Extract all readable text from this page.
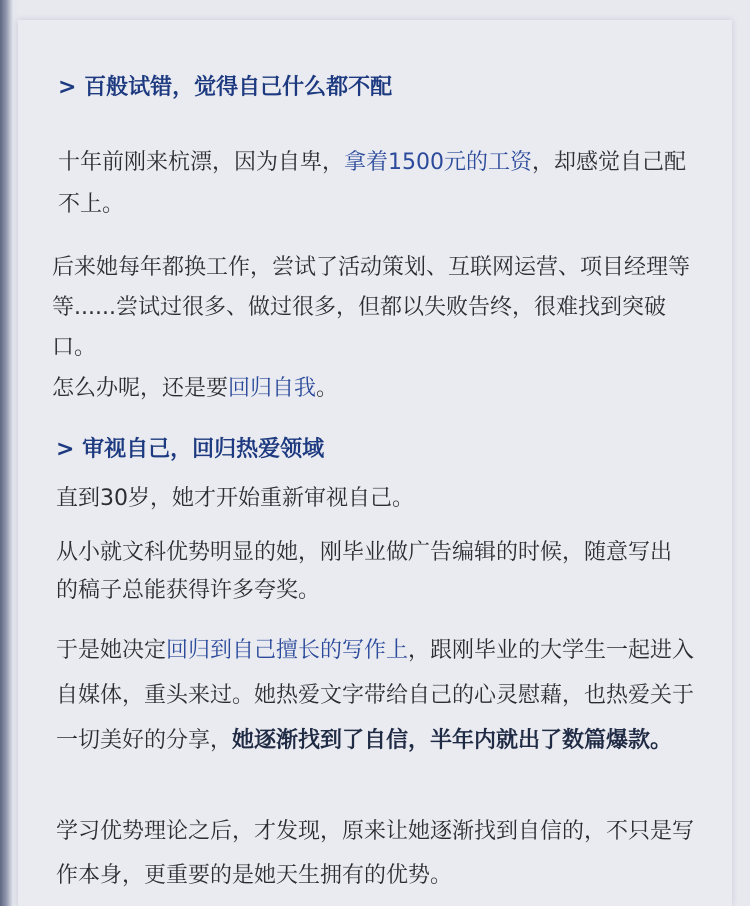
> 百般试错，觉得自己什么都不配
十年前刚来杭漂，因为自卑，拿着1500元的工资，却感觉自己配不上。
后来她每年都换工作，尝试了活动策划、互联网运营、项目经理等等......尝试过很多、做过很多，但都以失败告终，很难找到突破口。
怎么办呢，还是要回归自我。
> 审视自己，回归热爱领域
直到30岁，她才开始重新审视自己。
从小就文科优势明显的她，刚毕业做广告编辑的时候，随意写出的稿子总能获得许多夸奖。
于是她决定回归到自己擅长的写作上，跟刚毕业的大学生一起进入自媒体，重头来过。她热爱文字带给自己的心灵慰藉，也热爱关于一切美好的分享，她逐渐找到了自信，半年内就出了数篇爆款。
学习优势理论之后，才发现，原来让她逐渐找到自信的，不只是写作本身，更重要的是她天生拥有的优势。
